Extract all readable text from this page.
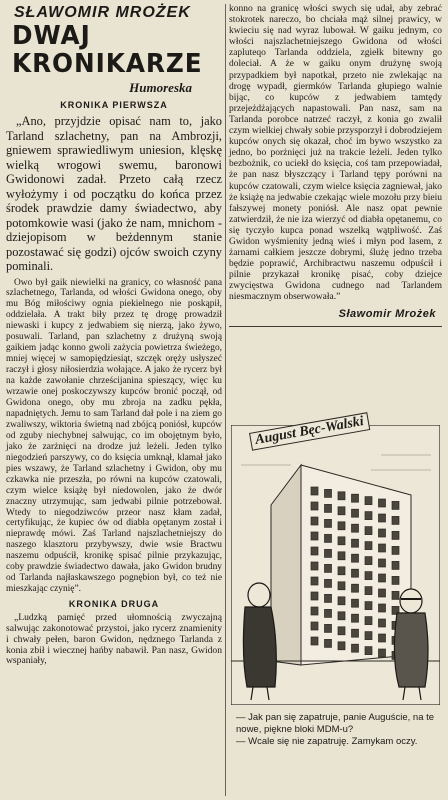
SŁAWOMIR MROŻEK
DWAJ KRONIKARZE
Humoreska
KRONIKA PIERWSZA

„Ano, przyjdzie opisać nam to, jako Tarland szlachetny, pan na Ambrozji, gniewem sprawiedliwym uniesion, klęskę wielką wrogowi swemu, baronowi Gwidonowi zadał. Przeto całą rzecz wyłożymy i od początku do końca przez środek prawdzie damy świadectwo, aby potomkowie wasi (jako że nam, mnichom - dziejopisom w beżdennym stanie pozostawać się godzi) ojców swoich czyny pominali.

Owo był gaik niewielki na granicy, co własność pana szlachetnego, Tarlanda, od włości Gwidona onego, oby mu Bóg miłościwy ognia piekielnego nie poskąpił, oddzielała. A trakt biły przez tę drogę prowadził niewaski i kupcy z jedwabiem się nierzą, jako żywo, posuwali. Tarland, pan szlachetny z drużyną swoją gaikiem jadąc konno gwoli zażycia powietrza świeżego, mniej więcej w samopiędziesiąt, szczęk oręży usłyszeć raczył i głosy niłosierdzia wołające. A jako że rycerz był na każde zawołanie chrześcijanina spieszący, więc ku wrzawie onej poskoczywszy kupców bronić począł, od Gwidona onego, oby mu zbroja na zadku pękła, napadniętych. Jemu to sam Tarland dał pole i na ziem go zwaliwszy, wiktoria świetną nad zbójcą poniósł, kupców od zguby niechybnej salwując, co im obojętnym było, jako że zarżnięci na drodze już leżeli. Jeden tylko niegodzień parszywy, co do księcia umknął, klamał jako pies wszawy, że Tarland szlachetny i Gwidon, oby mu czkawka nie przeszła, po równi na kupców czatowali, czym wielce książę był niedowolen, jako że dwór znaczny utrzymując, sam jedwabi pilnie potrzebował. Wtedy to niegodziwców przeor nasz kłam zadał, certyfikując, że kupiec ów od diabła opętanym został i nieprawdę mówi. Zaś Tarland najszlachetniejszy do naszego klasztoru przybywszy, dwie wsie Bractwu naszemu odpuścił, kronikę spisać pilnie przykazując, coby prawdzie świadectwo dawała, jako Gwidon brudny od Tarlanda najłaskawszego pognębion był, co też nie mieszkając czynię”.

KRONIKA DRUGA

„Ludzką pamięć przed ułomnością zwyczajną salwując zakonotować przystoi, jako rycerz znamienity i chwały pełen, baron Gwidon, nędznego Tarlanda z konia zbił i wiecznej hańby nabawił. Pan nasz, Gwidon wspaniały,

konno na granicę włości swych się udał, aby zebrać stokrotek nareczo, bo chciała mąż silnej prawicy, w kwieciu się nad wyraz lubował. W gaiku jednym, co włości najszlachetniejszego Gwidona od włości zapluteqo Tarlanda oddziela, zgiełk bitewny go doleciał. A że w gaiku onym drużynę swoją przypadkiem był napotkał, przeto nie zwlekając na drogę wypadł, giermków Tarlanda głupiego walnie bijąc, co kupców z jedwabiem tamtędy przejeżdżających napastowali. Pan nasz, sam na Tarlanda porobce natrzeć raczył, z konia go zwalił czym wielkiej chwały sobie przysporzył i dobrodziejem kupców onych się okazał, choć im bywo wszystko za jedno, bo porżnięci już na trakcie leżeli. Jeden tylko bezbożnik, co uciekł do księcia, coś tam przepowiadał, że pan nasz błyszczący i Tarland tępy porówni na kupców czatowali, czym wielce księcia zagniewał, jako że książę na jedwabie czekając wiele mozołu przy bieiu fałszywej monety poniósł. Ale nasz opat pewnie zatwierdził, że nie iza wierzyć od diabła opętanemu, co się tyczyło kupca ponad wszelką wątpliwość. Zaś Gwidon wyśmienity jedną wieś i młyn pod lasem, z żarnami całkiem jeszcze dobrymi, ślużę jedno trzeba będzie poprawić, Archibractwu naszemu odpuścił i pilnie przykazał kronikę pisać, coby dziejce zwycięstwa Gwidona cudnego nad Tarlandem niesmacznym obserwowała.”

Sławomir Mrożek
August Bęc-Walski

— Jak pan się zapatruje, panie Auguście, na te nowe, piękne bloki MDM-u?

— Wcale się nie zapatruję. Zamykam oczy.
